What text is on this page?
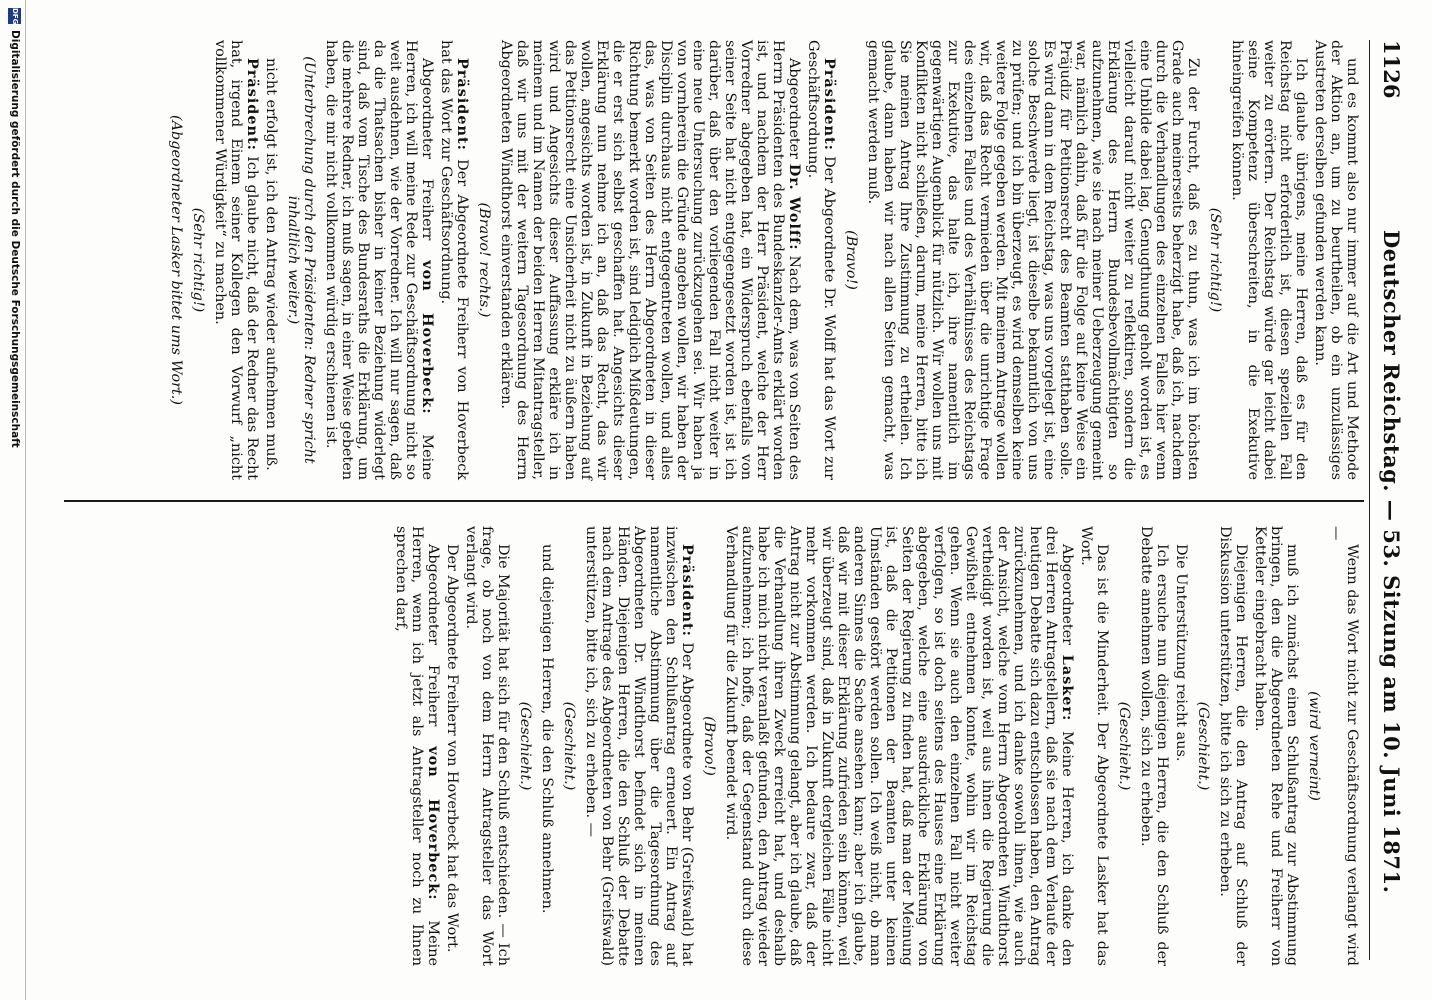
1126
Deutscher Reichstag. — 53. Sitzung am 10. Juni 1871.

und es kommt also nur immer auf die Art und Methode der Aktion an, um zu beurtheilen, ob ein unzulässiges Austreten derselben gefunden werden kann.

Ich glaube übrigens, meine Herren, daß es für den Reichstag nicht erforderlich ist, diesen speziellen Fall weiter zu erörtern. Der Reichstag würde gar leicht dabei seine Kompetenz überschreiten, in die Exekutive hineingreifen können.

(Sehr richtig!)

Zu der Furcht, daß es zu thun, was ich im höchsten Grade auch meinerseits beherzigt habe, daß ich, nachdem durch die Verhandlungen des einzelnen Falles hier wenn eine Unbilde dabei lag, Genugthuung geholt worden ist, es vielleicht darauf nicht weiter zu reflektiren, sondern die Erklärung des Herrn Bundesbevollmächtigten so aufzunehmen, wie sie nach meiner Ueberzeugung gemeint war, nämlich dahin, daß für die Folge auf keine Weise ein Präjudiz für Petitionsrecht des Beamten statthaben solle. Es wird dann in dem Reichstag, was uns vorgelegt ist, eine solche Beschwerde liegt, ist dieselbe bekanntlich von uns zu prüfen; und ich bin überzeugt, es wird demselben keine weitere Folge gegeben werden. Mit meinem Antrage wollen wir, daß das Recht vermieden über die unrichtige Frage des einzelnen Falles und des Verhältnisses des Reichstags zur Exekutive, das halte ich, ihre namentlich im gegenwärtigen Augenblick für nützlich. Wir wollen uns mit Konflikten nicht schließen, darum, meine Herren, bitte ich Sie meinen Antrag Ihre Zustimmung zu ertheilen. Ich glaube, dann haben wir nach allen Seiten gemacht, was gemacht werden muß.

(Bravo!)

Präsident: Der Abgeordnete Dr. Wolff hat das Wort zur Geschäftsordnung.

Abgeordneter Dr. Wolff: Nach dem, was von Seiten des Herrn Präsidenten des Bundeskanzler-Amts erklärt worden ist, und nachdem der Herr Präsident, welche der Herr Vorredner abgegeben hat, ein Widerspruch ebenfalls von seiner Seite hat nicht entgegengesetzt worden ist, ist ich darüber, daß über den vorliegenden Fall nicht weiter in eine neue Untersuchung zurückzugehen sei. Wir haben ja von vornherein die Gründe angeben wollen, wir haben der Disciplin durchaus nicht entgegentreten wollen, und alles das, was von Seiten des Herrn Abgeordneten in dieser Richtung bemerkt worden ist, sind lediglich Mißdeutungen, die er erst sich selbst geschaffen hat. Angesichts dieser Erklärung nun nehme ich an, daß das Recht, das wir wollen, angesichts worden ist, in Zukunft in Beziehung auf das Petitionsrecht eine Unsicherheit nicht zu äußern haben wird und Angesichts dieser Auffassung erkläre ich in meinem und im Namen der beiden Herren Mitantragsteller, daß wir uns mit der weitern Tagesordnung des Herrn Abgeordneten Windthorst einverstanden erklären.

(Bravo! rechts.)

Präsident: Der Abgeordnete Freiherr von Hoverbeck hat das Wort zur Geschäftsordnung.

Abgeordneter Freiherr von Hoverbeck: Meine Herren, ich will meine Rede zur Geschäftsordnung nicht so weit ausdehnen, wie der Vorredner. Ich will nur sagen, daß da die Thatsachen bisher in keiner Beziehung widerlegt sind, daß vom Tische des Bundesraths die Erklärung, um die mehrere Redner, ich muß sagen, in einer Weise gebeten haben, die mir nicht vollkommen würdig erschienen ist.

(Unterbrechung durch den Präsidenten: Redner spricht inhaltlich weiter.)

nicht erfolgt ist, ich den Antrag wieder aufnehmen muß.

Präsident: Ich glaube nicht, daß der Redner das Recht hat, irgend Einem seiner Kollegen den Vorwurf „nicht vollkommener Würdigkeit“ zu machen.

(Sehr richtig!)

(Abgeordneter Lasker bittet ums Wort.)

Wenn das Wort nicht zur Geschäftsordnung verlangt wird —

(wird verneint)

muß ich zunächst einen Schlußantrag zur Abstimmung bringen, den die Abgeordneten Rehe und Freiherr von Ketteler eingebracht haben.

Diejenigen Herren, die den Antrag auf Schluß der Diskussion unterstützen, bitte ich sich zu erheben.

(Geschieht.)

Die Unterstützung reicht aus.

Ich ersuche nun diejenigen Herren, die den Schluß der Debatte annehmen wollen, sich zu erheben.

(Geschieht.)

Das ist die Minderheit. Der Abgeordnete Lasker hat das Wort.

Abgeordneter Lasker: Meine Herren, ich danke den drei Herren Antragstellern, daß sie nach dem Verlaufe der heutigen Debatte sich dazu entschlossen haben, den Antrag zurückzunehmen, und ich danke sowohl ihnen, wie auch der Ansicht, welche vom Herrn Abgeordneten Windthorst vertheidigt worden ist, weil aus ihnen die Regierung die Gewißheit entnehmen konnte, wohin wir im Reichstag gehen. Wenn sie auch den einzelnen Fall nicht weiter verfolgen, so ist doch seitens des Hauses eine Erklärung abgegeben, welche eine ausdrückliche Erklärung von Seiten der Regierung zu finden hat, daß man der Meinung ist, daß die Petitionen der Beamten unter keinen Umständen gestört werden sollen. Ich weiß nicht, ob man anderen Sinnes die Sache ansehen kann; aber ich glaube, daß wir mit dieser Erklärung zufrieden sein können, weil wir überzeugt sind, daß in Zukunft dergleichen Fälle nicht mehr vorkommen werden. Ich bedaure zwar, daß der Antrag nicht zur Abstimmung gelangt, aber ich glaube, daß die Verhandlung ihren Zweck erreicht hat, und deshalb habe ich mich nicht veranlaßt gefunden, den Antrag wieder aufzunehmen; ich hoffe, daß der Gegenstand durch diese Verhandlung für die Zukunft beendet wird.

(Bravo!)

Präsident: Der Abgeordnete von Behr (Greifswald) hat inzwischen den Schlußantrag erneuert. Ein Antrag auf namentliche Abstimmung über die Tagesordnung des Abgeordneten Dr. Windthorst befindet sich in meinen Händen. Diejenigen Herren, die den Schluß der Debatte nach dem Antrage des Abgeordneten von Behr (Greifswald) unterstützen, bitte ich, sich zu erheben. —

(Geschieht.)

und diejenigen Herren, die den Schluß annehmen.

(Geschieht.)

Die Majorität hat sich für den Schluß entschieden. — Ich frage, ob noch von dem Herrn Antragsteller das Wort verlangt wird.

Der Abgeordnete Freiherr von Hoverbeck hat das Wort.

Abgeordneter Freiherr von Hoverbeck: Meine Herren, wenn ich jetzt als Antragsteller noch zu Ihnen sprechen darf,

DFG
Digitalisierung gefördert durch die Deutsche Forschungsgemeinschaft
